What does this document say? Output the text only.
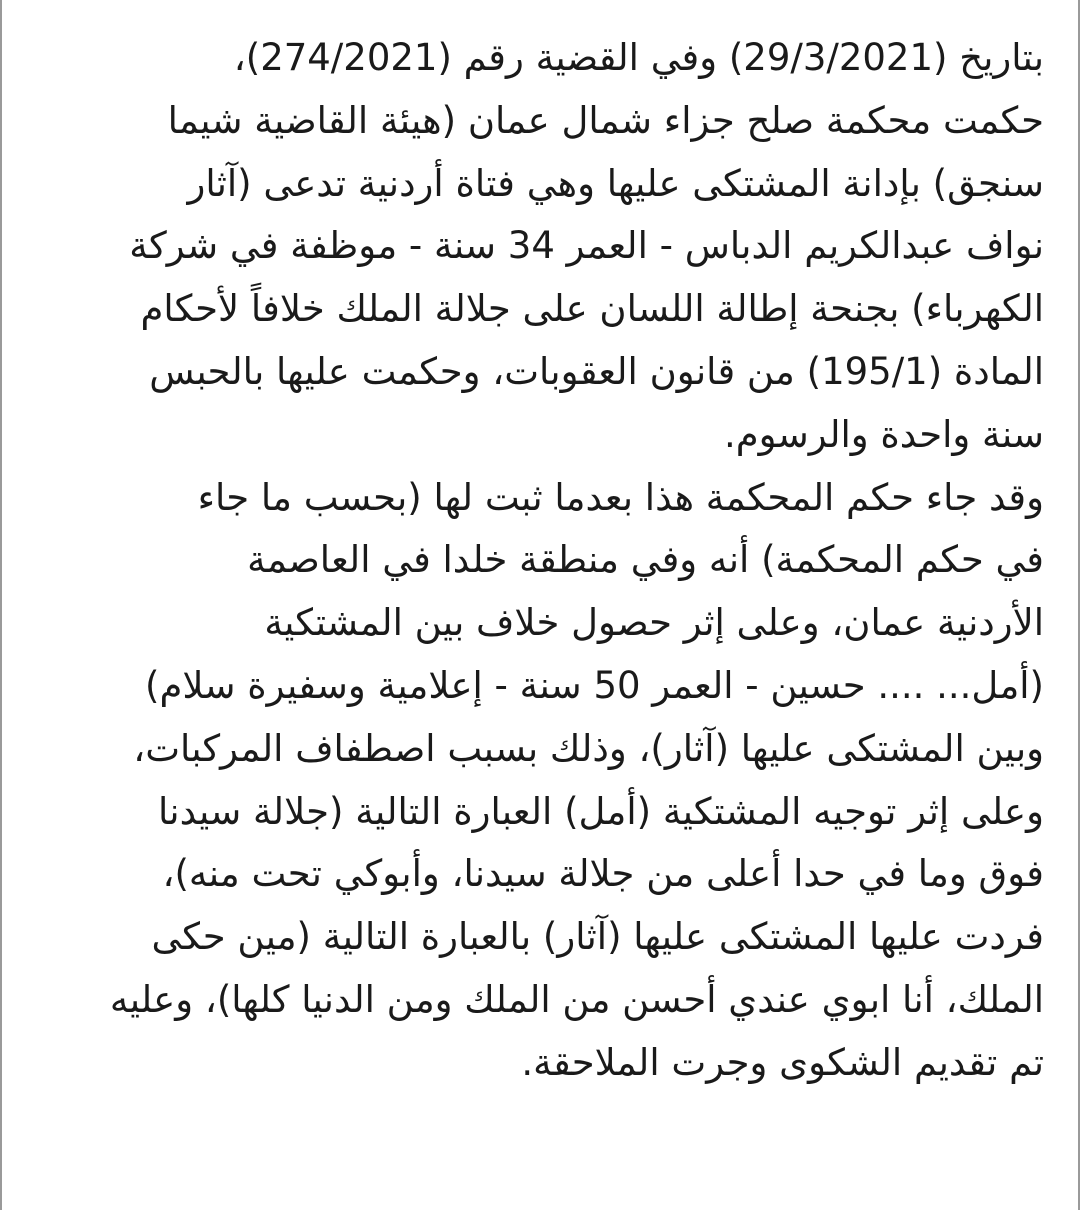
بتاريخ (29/3/2021) وفي القضية رقم (274/2021)،
حكمت محكمة صلح جزاء شمال عمان (هيئة القاضية شيما
سنجق) بإدانة المشتكى عليها وهي فتاة أردنية تدعى (آثار
نواف عبدالكريم الدباس - العمر 34 سنة - موظفة في شركة
الكهرباء) بجنحة إطالة اللسان على جلالة الملك خلافاً لأحكام
المادة (195/1) من قانون العقوبات، وحكمت عليها بالحبس
سنة واحدة والرسوم.
وقد جاء حكم المحكمة هذا بعدما ثبت لها (بحسب ما جاء
في حكم المحكمة) أنه وفي منطقة خلدا في العاصمة
الأردنية عمان، وعلى إثر حصول خلاف بين المشتكية
(أمل... .... حسين - العمر 50 سنة - إعلامية وسفيرة سلام)
وبين المشتكى عليها (آثار)، وذلك بسبب اصطفاف المركبات،
وعلى إثر توجيه المشتكية (أمل) العبارة التالية (جلالة سيدنا
فوق وما في حدا أعلى من جلالة سيدنا، وأبوكي تحت منه)،
فردت عليها المشتكى عليها (آثار) بالعبارة التالية (مين حكى
الملك، أنا ابوي عندي أحسن من الملك ومن الدنيا كلها)، وعليه
تم تقديم الشكوى وجرت الملاحقة.
